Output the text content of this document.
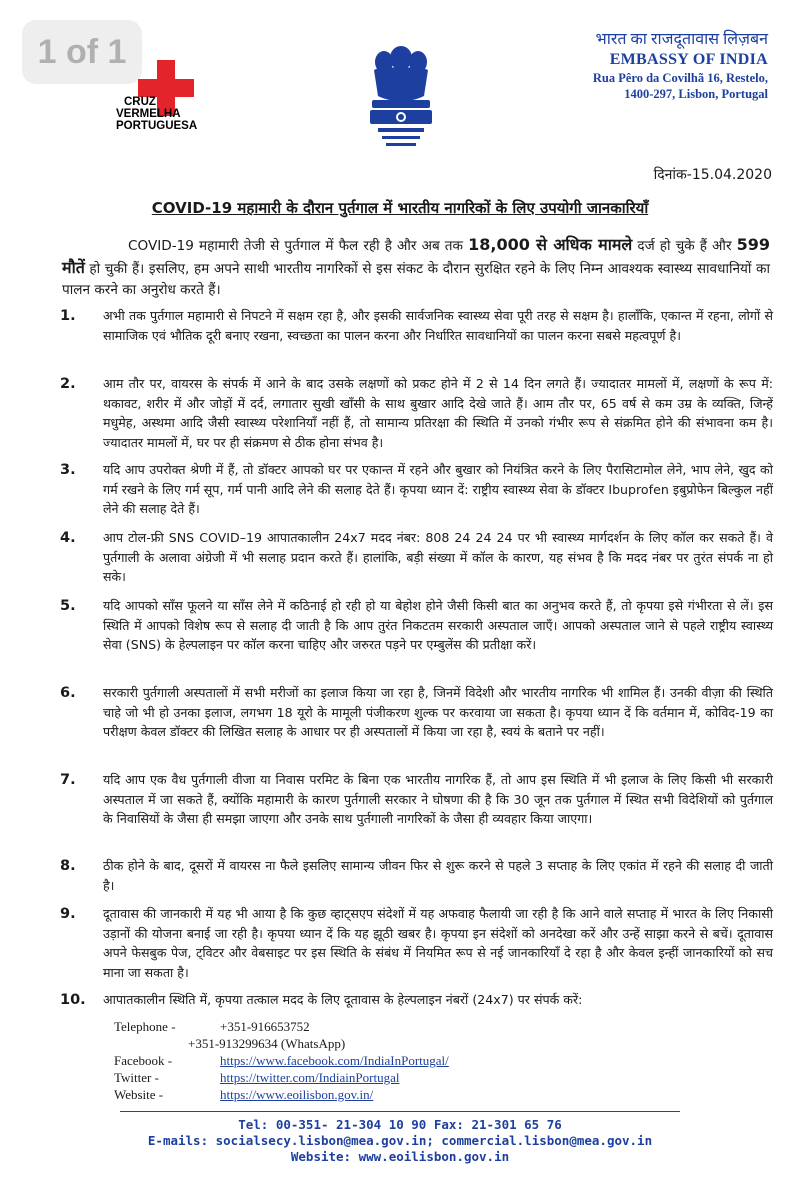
1 of 1
CRUZ
VERMELHA
PORTUGUESA
भारत का राजदूतावास लिज़बन
EMBASSY OF INDIA
Rua Pêro da Covilhã 16, Restelo,
1400-297, Lisbon, Portugal
दिनांक-15.04.2020
COVID-19 महामारी के दौरान पुर्तगाल में भारतीय नागरिकों के लिए उपयोगी जानकारियाँ
COVID-19 महामारी तेजी से पुर्तगाल में फैल रही है और अब तक 18,000 से अधिक मामले दर्ज हो चुके हैं और 599 मौतें हो चुकी हैं। इसलिए, हम अपने साथी भारतीय नागरिकों से इस संकट के दौरान सुरक्षित रहने के लिए निम्न आवश्यक स्वास्थ्य सावधानियों का पालन करने का अनुरोध करते हैं।
1.	अभी तक पुर्तगाल महामारी से निपटने में सक्षम रहा है, और इसकी सार्वजनिक स्वास्थ्य सेवा पूरी तरह से सक्षम है। हालाँकि, एकान्त में रहना, लोगों से सामाजिक एवं भौतिक दूरी बनाए रखना, स्वच्छता का पालन करना और निर्धारित सावधानियों का पालन करना सबसे महत्वपूर्ण है।
2.	आम तौर पर, वायरस के संपर्क में आने के बाद उसके लक्षणों को प्रकट होने में 2 से 14 दिन लगते हैं। ज्यादातर मामलों में, लक्षणों के रूप में: थकावट, शरीर में और जोड़ों में दर्द, लगातार सुखी खाँसी के साथ बुखार आदि देखे जाते हैं। आम तौर पर, 65 वर्ष से कम उम्र के व्यक्ति, जिन्हें मधुमेह, अस्थमा आदि जैसी स्वास्थ्य परेशानियाँ नहीं हैं, तो सामान्य प्रतिरक्षा की स्थिति में उनको गंभीर रूप से संक्रमित होने की संभावना कम है। ज्यादातर मामलों में, घर पर ही संक्रमण से ठीक होना संभव है।
3.	यदि आप उपरोक्त श्रेणी में हैं, तो डॉक्टर आपको घर पर एकान्त में रहने और बुखार को नियंत्रित करने के लिए पैरासिटामोल लेने, भाप लेने, खुद को गर्म रखने के लिए गर्म सूप, गर्म पानी आदि लेने की सलाह देते हैं। कृपया ध्यान दें: राष्ट्रीय स्वास्थ्य सेवा के डॉक्टर Ibuprofen इबुप्रोफेन बिल्कुल नहीं लेने की सलाह देते हैं।
4.	आप टोल-फ्री SNS COVID–19 आपातकालीन 24x7 मदद नंबर: 808 24 24 24 पर भी स्वास्थ्य मार्गदर्शन के लिए कॉल कर सकते हैं। वे पुर्तगाली के अलावा अंग्रेजी में भी सलाह प्रदान करते हैं। हालांकि, बड़ी संख्या में कॉल के कारण, यह संभव है कि मदद नंबर पर तुरंत संपर्क ना हो सके।
5.	यदि आपको साँस फूलने या साँस लेने में कठिनाई हो रही हो या बेहोश होने जैसी किसी बात का अनुभव करते हैं, तो कृपया इसे गंभीरता से लें। इस स्थिति में आपको विशेष रूप से सलाह दी जाती है कि आप तुरंत निकटतम सरकारी अस्पताल जाएँ। आपको अस्पताल जाने से पहले राष्ट्रीय स्वास्थ्य सेवा (SNS) के हेल्पलाइन पर कॉल करना चाहिए और जरुरत पड़ने पर एम्बुलेंस की प्रतीक्षा करें।
6.	सरकारी पुर्तगाली अस्पतालों में सभी मरीजों का इलाज किया जा रहा है, जिनमें विदेशी और भारतीय नागरिक भी शामिल हैं। उनकी वीज़ा की स्थिति चाहे जो भी हो उनका इलाज, लगभग 18 यूरो के मामूली पंजीकरण शुल्क पर करवाया जा सकता है। कृपया ध्यान दें कि वर्तमान में, कोविद-19 का परीक्षण केवल डॉक्टर की लिखित सलाह के आधार पर ही अस्पतालों में किया जा रहा है, स्वयं के बताने पर नहीं।
7.	यदि आप एक वैध पुर्तगाली वीजा या निवास परमिट के बिना एक भारतीय नागरिक हैं, तो आप इस स्थिति में भी इलाज के लिए किसी भी सरकारी अस्पताल में जा सकते हैं, क्योंकि महामारी के कारण पुर्तगाली सरकार ने घोषणा की है कि 30 जून तक पुर्तगाल में स्थित सभी विदेशियों को पुर्तगाल के निवासियों के जैसा ही समझा जाएगा और उनके साथ पुर्तगाली नागरिकों के जैसा ही व्यवहार किया जाएगा।
8.	ठीक होने के बाद, दूसरों में वायरस ना फैले इसलिए सामान्य जीवन फिर से शुरू करने से पहले 3 सप्ताह के लिए एकांत में रहने की सलाह दी जाती है।
9.	दूतावास की जानकारी में यह भी आया है कि कुछ व्हाट्सएप संदेशों में यह अफवाह फैलायी जा रही है कि आने वाले सप्ताह में भारत के लिए निकासी उड़ानों की योजना बनाई जा रही है। कृपया ध्यान दें कि यह झूठी खबर है। कृपया इन संदेशों को अनदेखा करें और उन्हें साझा करने से बचें। दूतावास अपने फेसबुक पेज, ट्विटर और वेबसाइट पर इस स्थिति के संबंध में नियमित रूप से नई जानकारियाँ दे रहा है और केवल इन्हीं जानकारियों को सच माना जा सकता है।
10.	आपातकालीन स्थिति में, कृपया तत्काल मदद के लिए दूतावास के हेल्पलाइन नंबरों (24x7) पर संपर्क करें:
Telephone -	+351-916653752
+351-913299634 (WhatsApp)
Facebook -	https://www.facebook.com/IndiaInPortugal/
Twitter -	https://twitter.com/IndiainPortugal
Website -	https://www.eoilisbon.gov.in/
Tel: 00-351- 21-304 10 90 Fax: 21-301 65 76
E-mails: socialsecy.lisbon@mea.gov.in; commercial.lisbon@mea.gov.in
Website: www.eoilisbon.gov.in
